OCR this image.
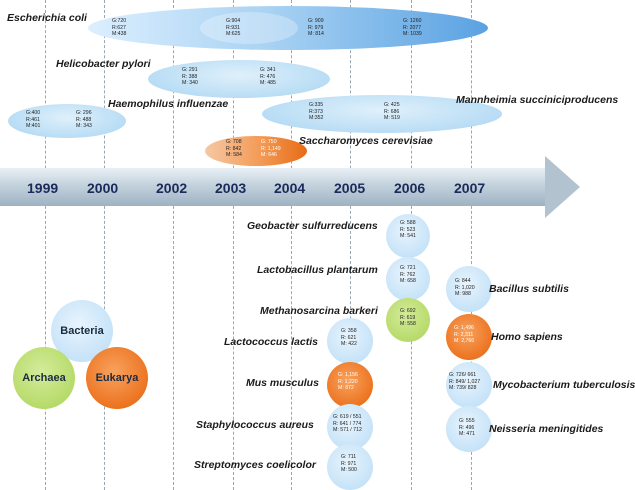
Escherichia coli	G:720
R:627
M:438
G:904
R:931
M:625
G: 909
R: 979
M: 814
G: 1260
R: 2077
M: 1039
Helicobacter pylori	G: 291
R: 388
M: 340
G: 341
R: 476
M: 485
Haemophilus influenzae
G:400
R:461
M:401
G: 296
R: 488
M: 343
Mannheimia succiniciproducens
G:335
R:373
M:352
G: 425
R: 686
M: 519
Saccharomyces cerevisiae
G: 708
R: 842
M: 584
G: 750
R: 1,149
M: 646
1999 2000	2002 2003 2004 2005 2006 2007
Geobacter sulfurreducens	G: 588
R: 523
M: 541
Lactobacillus plantarum	G: 721
R: 762
M: 658
Methanosarcina barkeri	G: 692
R: 619
M: 558
Lactococcus lactis
G: 358
R: 621
M: 422
Mus musculus
G: 1,156
R: 1,220
M: 872
Staphylococcus aureus
G: 619 / 551
R: 641 / 774
M: 571 / 712
Streptomyces coelicolor
G: 711
R: 971
M: 500
Bacillus subtilis
G: 844
R: 1,020
M: 988
Homo sapiens
G: 1,496
R: 2,311
M: 2,766
Mycobacterium tuberculosis
G: 726/ 661
R: 849/ 1,027
M: 739/ 828
Neisseria meningitides
G: 555
R: 496
M: 471
Bacteria
Archaea	Eukarya
